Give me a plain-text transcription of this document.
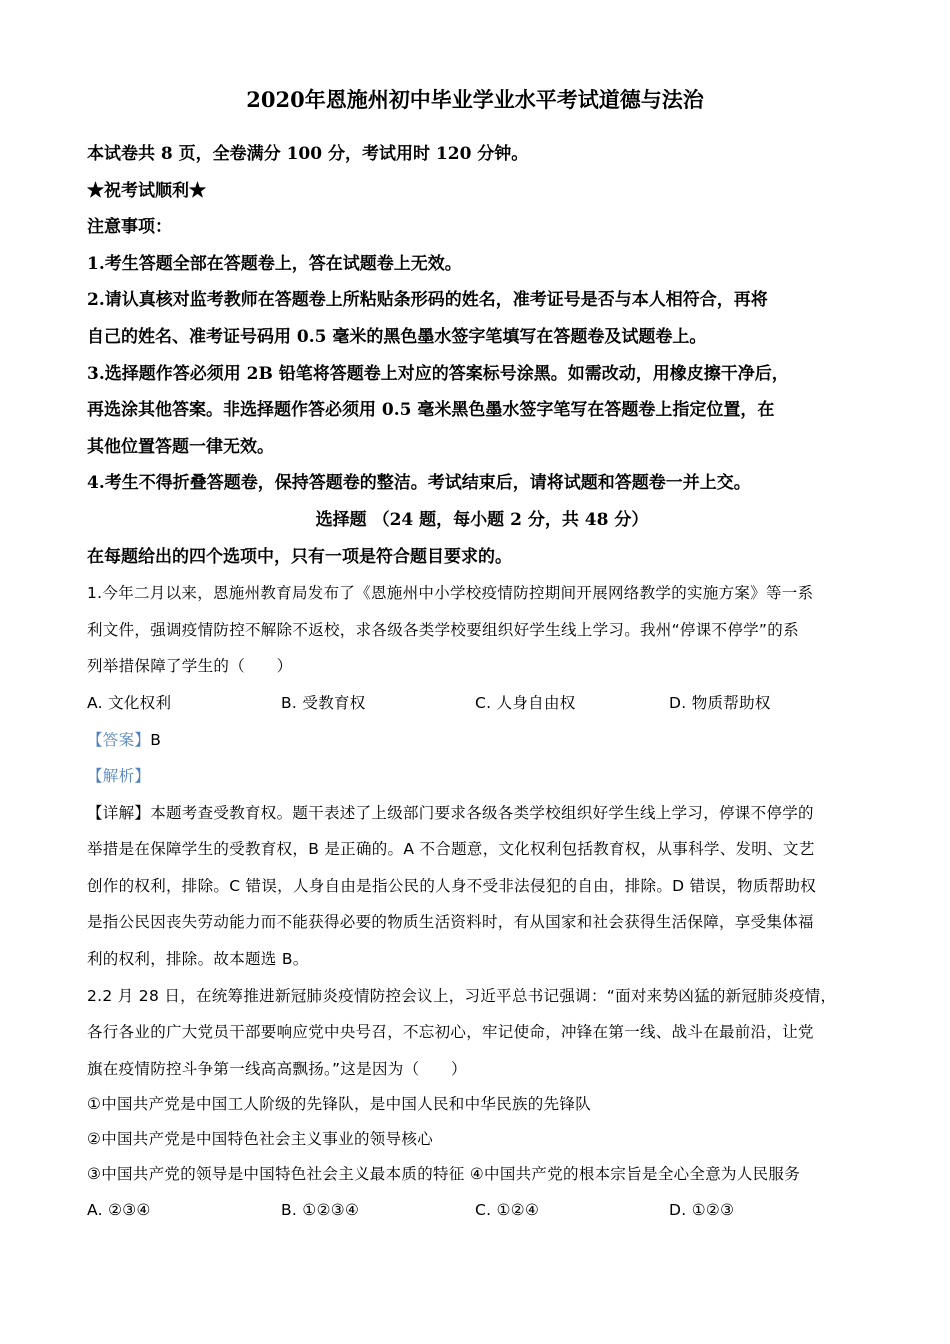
2020年恩施州初中毕业学业水平考试道德与法治
本试卷共 8 页，全卷满分 100 分，考试用时 120 分钟。
★祝考试顺利★
注意事项：
1.考生答题全部在答题卷上，答在试题卷上无效。
2.请认真核对监考教师在答题卷上所粘贴条形码的姓名，准考证号是否与本人相符合，再将
自己的姓名、准考证号码用 0.5 毫米的黑色墨水签字笔填写在答题卷及试题卷上。
3.选择题作答必须用 2B 铅笔将答题卷上对应的答案标号涂黑。如需改动，用橡皮擦干净后，
再选涂其他答案。非选择题作答必须用 0.5 毫米黑色墨水签字笔写在答题卷上指定位置，在
其他位置答题一律无效。
4.考生不得折叠答题卷，保持答题卷的整洁。考试结束后，请将试题和答题卷一并上交。
选择题 （24 题，每小题 2 分，共 48 分）
在每题给出的四个选项中，只有一项是符合题目要求的。
1.今年二月以来，恩施州教育局发布了《恩施州中小学校疫情防控期间开展网络教学的实施方案》等一系
利文件，强调疫情防控不解除不返校，求各级各类学校要组织好学生线上学习。我州“停课不停学”的系
列举措保障了学生的（　　）
A. 文化权利	B. 受教育权	C. 人身自由权	D. 物质帮助权
【答案】B
【解析】
【详解】本题考查受教育权。题干表述了上级部门要求各级各类学校组织好学生线上学习，停课不停学的
举措是在保障学生的受教育权，B 是正确的。A 不合题意，文化权利包括教育权，从事科学、发明、文艺
创作的权利，排除。C 错误，人身自由是指公民的人身不受非法侵犯的自由，排除。D 错误，物质帮助权
是指公民因丧失劳动能力而不能获得必要的物质生活资料时，有从国家和社会获得生活保障，享受集体福
利的权利，排除。故本题选 B。
2.2 月 28 日，在统筹推进新冠肺炎疫情防控会议上，习近平总书记强调：“面对来势凶猛的新冠肺炎疫情，
各行各业的广大党员干部要响应党中央号召，不忘初心，牢记使命，冲锋在第一线、战斗在最前沿，让党
旗在疫情防控斗争第一线高高飘扬。”这是因为（　　）
①中国共产党是中国工人阶级的先锋队，是中国人民和中华民族的先锋队
②中国共产党是中国特色社会主义事业的领导核心
③中国共产党的领导是中国特色社会主义最本质的特征 ④中国共产党的根本宗旨是全心全意为人民服务
A. ②③④	B. ①②③④	C. ①②④	D. ①②③
